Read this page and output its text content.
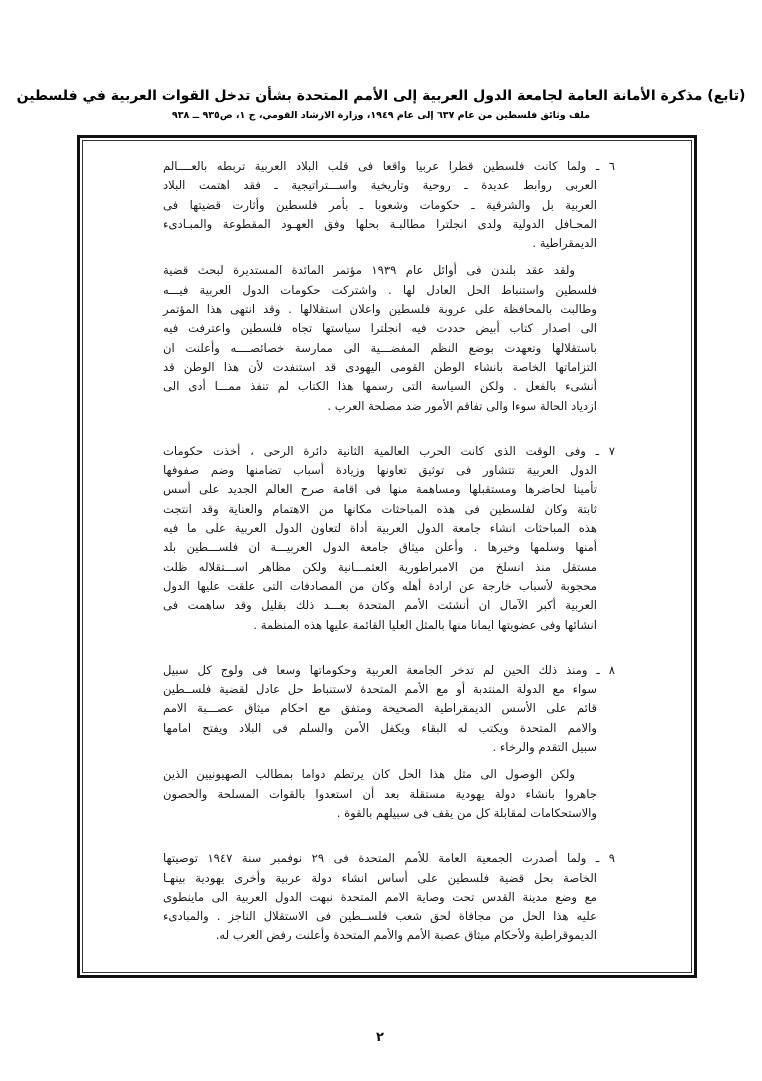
(تابع) مذكرة الأمانة العامة لجامعة الدول العربية إلى الأمم المتحدة بشأن تدخل القوات العربية في فلسطين
ملف وثائق فلسطين من عام ٦٣٧ إلى عام ١٩٤٩، وزارة الارشاد القومي، ج ١، ص٩٣٥ ــ ٩٣٨
٦ ـ ولما كانت فلسطين قطرا عربيا واقعا فى قلب البلاد العربية تربطه بالعــــالم
العربى روابط عديدة ـ روحية وتاريخية واســـتراتيجية ـ فقد اهتمت البلاد
العربية بل والشرقية ـ حكومات وشعوبا ـ بأمر فلسطين وأثارت قضيتها فى
المحـافل الدولية ولدى انجلترا مطالبـة بحلها وفق العهـود المقطوعة والمبـادىء
الديمقراطية .
ولقد عقد بلندن فى أوائل عام ١٩٣٩ مؤتمر المائدة المستديرة لبحث قضية
فلسطين واستنباط الحل العادل لها . واشتركت حكومات الدول العربية فيـــه
وطالبت بالمحافظة على عروبة فلسطين واعلان استقلالها . وقد انتهى هذا المؤتمر
الى اصدار كتاب أبيض حددت فيه انجلترا سياستها تجاه فلسطين واعترفت فيه
باستقلالها وتعهدت بوضع النظم المفضـــية الى ممارسة خصائصــــه وأعلنت ان
التزاماتها الخاصة بانشاء الوطن القومى اليهودى قد استنفدت لأن هذا الوطن قد
أنشىء بالفعل . ولكن السياسة التى رسمها هذا الكتاب لم تنفذ ممـــا أدى الى
ازدياد الحالة سوءا والى تفاقم الأمور ضد مصلحة العرب .
٧ ـ وفى الوقت الذى كانت الحرب العالمية الثانية دائرة الرحى ، أخذت حكومات
الدول العربية تتشاور فى توثيق تعاونها وزيادة أسباب تضامنها وضم صفوفها
تأمينا لحاضرها ومستقبلها ومساهمة منها فى اقامة صرح العالم الجديد على أسس
ثابتة وكان لفلسطين فى هذه المباحثات مكانها من الاهتمام والعناية وقد انتجت
هذه المباحثات انشاء جامعة الدول العربية أداة لتعاون الدول العربية على ما فيه
أمنها وسلمها وخيرها . وأعلن ميثاق جامعة الدول العربيـــة ان فلســـطين بلد
مستقل منذ انسلخ من الامبراطورية العثمـــانية ولكن مظاهر اســـتقلاله ظلت
محجوبة لأسباب خارجة عن ارادة أهله وكان من المصادفات التى علقت عليها الدول
العربية أكبر الآمال ان أنشئت الأمم المتحدة بعـــد ذلك بقليل وقد ساهمت فى
انشائها وفى عضويتها ايمانا منها بالمثل العليا القائمة عليها هذه المنظمة .
٨ ـ ومنذ ذلك الحين لم تدخر الجامعة العربية وحكوماتها وسعا فى ولوج كل سبيل
سواء مع الدولة المنتدبة أو مع الأمم المتحدة لاستنباط حل عادل لقضية فلســطين
قائم على الأسس الديمقراطية الصحيحة ومتفق مع احكام ميثاق عصـــبة الامم
والامم المتحدة ويكتب له البقاء ويكفل الأمن والسلم فى البلاد ويفتح امامها
سبيل التقدم والرخاء .
ولكن الوصول الى مثل هذا الحل كان يرتطم دواما بمطالب الصهيونيين الذين
جاهروا بانشاء دولة يهودية مستقلة بعد أن استعدوا بالقوات المسلحة والحصون
والاستحكامات لمقابلة كل من يقف فى سبيلهم بالقوة .
٩ ـ ولما أصدرت الجمعية العامة للأمم المتحدة فى ٢٩ نوفمبر سنة ١٩٤٧ توصيتها
الخاصة بحل قضية فلسطين على أساس انشاء دولة عربية وأخرى يهودية بينهـا
مع وضع مدينة القدس تحت وصاية الامم المتحدة نبهت الدول العربية الى ماينطوى
عليه هذا الحل من مجافاة لحق شعب فلســطين فى الاستقلال الناجز . والمبادىء
الديموقراطية ولأحكام ميثاق عصبة الأمم والأمم المتحدة وأعلنت رفض العرب له.
٢
